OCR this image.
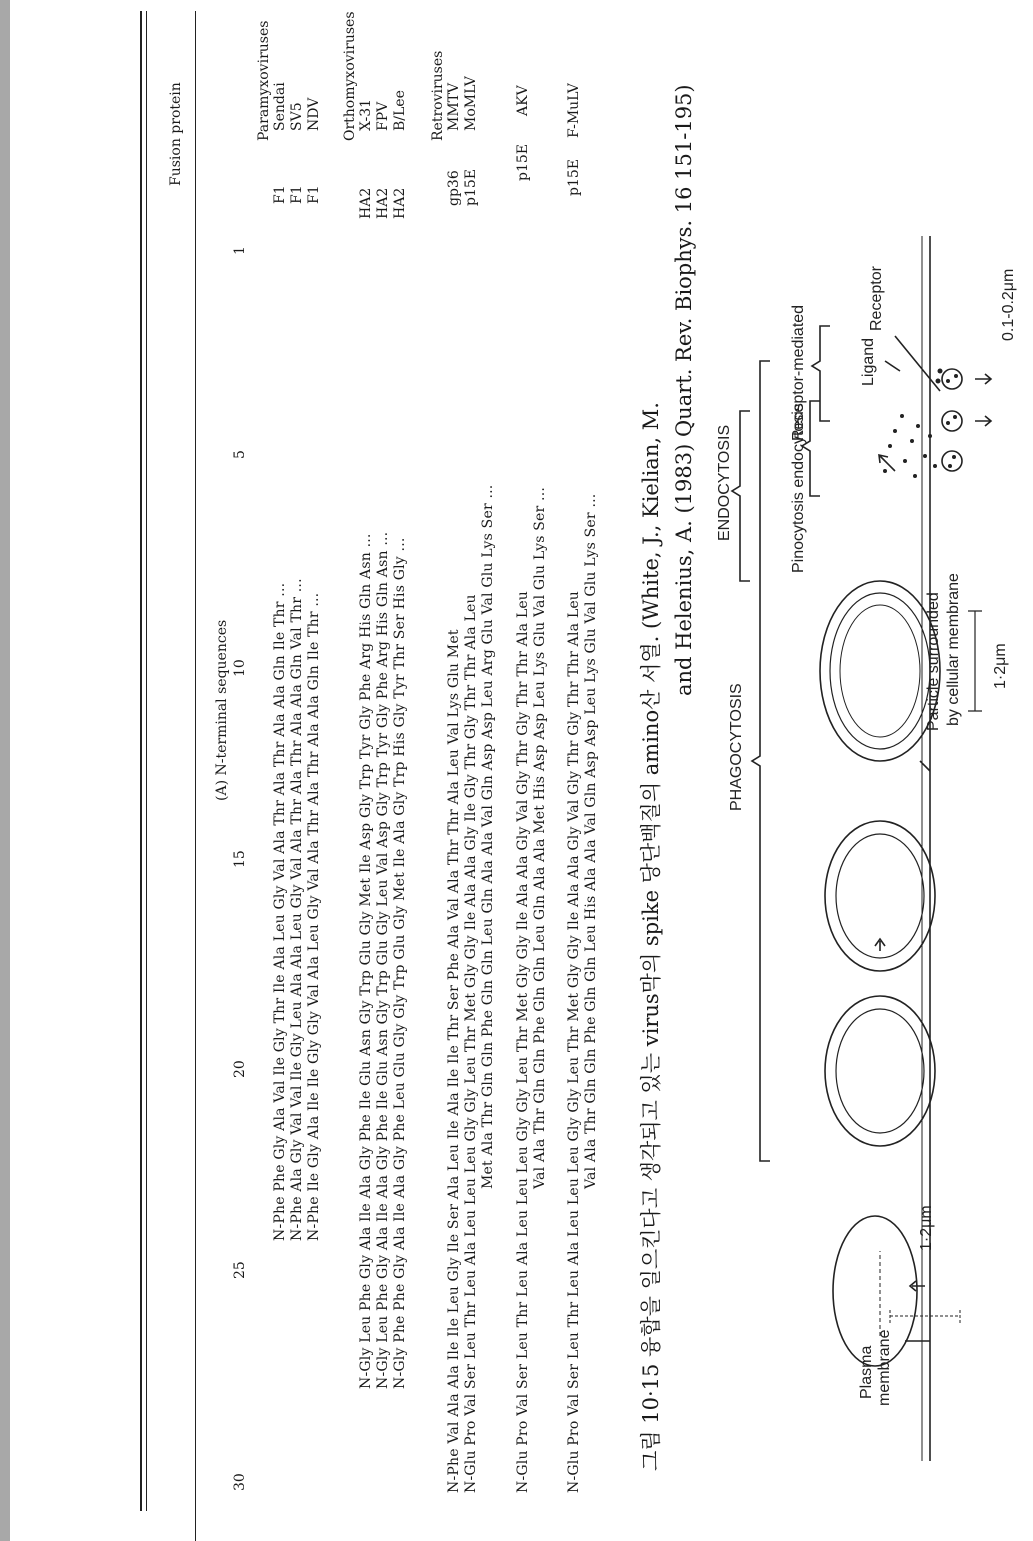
Fusion protein
(A) N-terminal sequences
1
5
10
15
20
25
30
Paramyxoviruses Sendai
F1
N-Phe Phe Gly Ala Val Ile Gly Thr Ile Ala Leu Gly Val Ala Thr Ala Thr Ala Ala Gln Ile Thr ...
SV5
F1
N-Phe Ala Gly Val Val Ile Gly Leu Ala Ala Leu Gly Val Ala Thr Ala Thr Ala Ala Gln Val Thr ...
NDV
F1
N-Phe Ile Gly Ala Ile Ile Gly Gly Val Ala Leu Gly Val Ala Thr Ala Thr Ala Ala Gln Ile Thr ...
Orthomyxoviruses X-31
HA2
N-Gly Leu Phe Gly Ala Ile Ala Gly Phe Ile Glu Asn Gly Trp Glu Gly Met Ile Asp Gly Trp Tyr Gly Phe Arg His Gln Asn ...
FPV
HA2
N-Gly Leu Phe Gly Ala Ile Ala Gly Phe Ile Glu Asn Gly Trp Glu Gly Leu Val Asp Gly Trp Tyr Gly Phe Arg His Gln Asn ...
B/Lee
HA2
N-Gly Phe Phe Gly Ala Ile Ala Gly Phe Leu Glu Gly Gly Trp Glu Gly Met Ile Ala Gly Trp His Gly Tyr Thr Ser His Gly ...
Retroviruses MMTV
gp36
N-Phe Val Ala Ala Ile Ile Leu Gly Ile Ser Ala Leu Ile Ala Ile Ile Thr Ser Phe Ala Val Ala Thr Thr Ala Leu Val Lys Glu Met
MoMLV
p15E
N-Glu Pro Val Ser Leu Thr Leu Ala Leu Leu Leu Gly Gly Leu Thr Met Gly Gly Ile Ala Ala Gly Ile Gly Thr Gly Thr Thr Ala Leu Met Ala Thr Gln Gln Phe Gln Gln Leu Gln Ala Ala Val Gln Asp Asp Leu Arg Glu Val Glu Lys Ser ...
AKV
p15E
N-Glu Pro Val Ser Leu Thr Leu Ala Leu Leu Leu Gly Gly Leu Thr Met Gly Gly Ile Ala Ala Gly Val Gly Thr Gly Thr Thr Ala Leu Val Ala Thr Gln Gln Phe Gln Gln Leu Gln Ala Ala Met His Asp Asp Leu Lys Glu Val Glu Lys Ser ...
F-MuLV
p15E
N-Glu Pro Val Ser Leu Thr Leu Ala Leu Leu Leu Gly Gly Leu Thr Met Gly Gly Ile Ala Ala Gly Val Gly Thr Gly Thr Thr Ala Leu Val Ala Thr Gln Gln Phe Gln Gln Leu His Ala Ala Val Gln Asp Asp Leu Lys Glu Val Glu Lys Ser ... 그림 10·15 융합을 일으킨다고 생각되고 있는 virus막의 spike 당단백질의 amino산 서열. (White, J., Kielian, M.
and Helenius, A. (1983) Quart. Rev. Biophys. 16 151-195)
PHAGOCYTOSIS
ENDOCYTOSIS	Pinocytosis endocytosis
Receptor-mediated	Ligand
Receptor
Plasma membrane
1·2μm
Particle surrounded by cellular membrane 1·2μm
0.1-0.2μm
